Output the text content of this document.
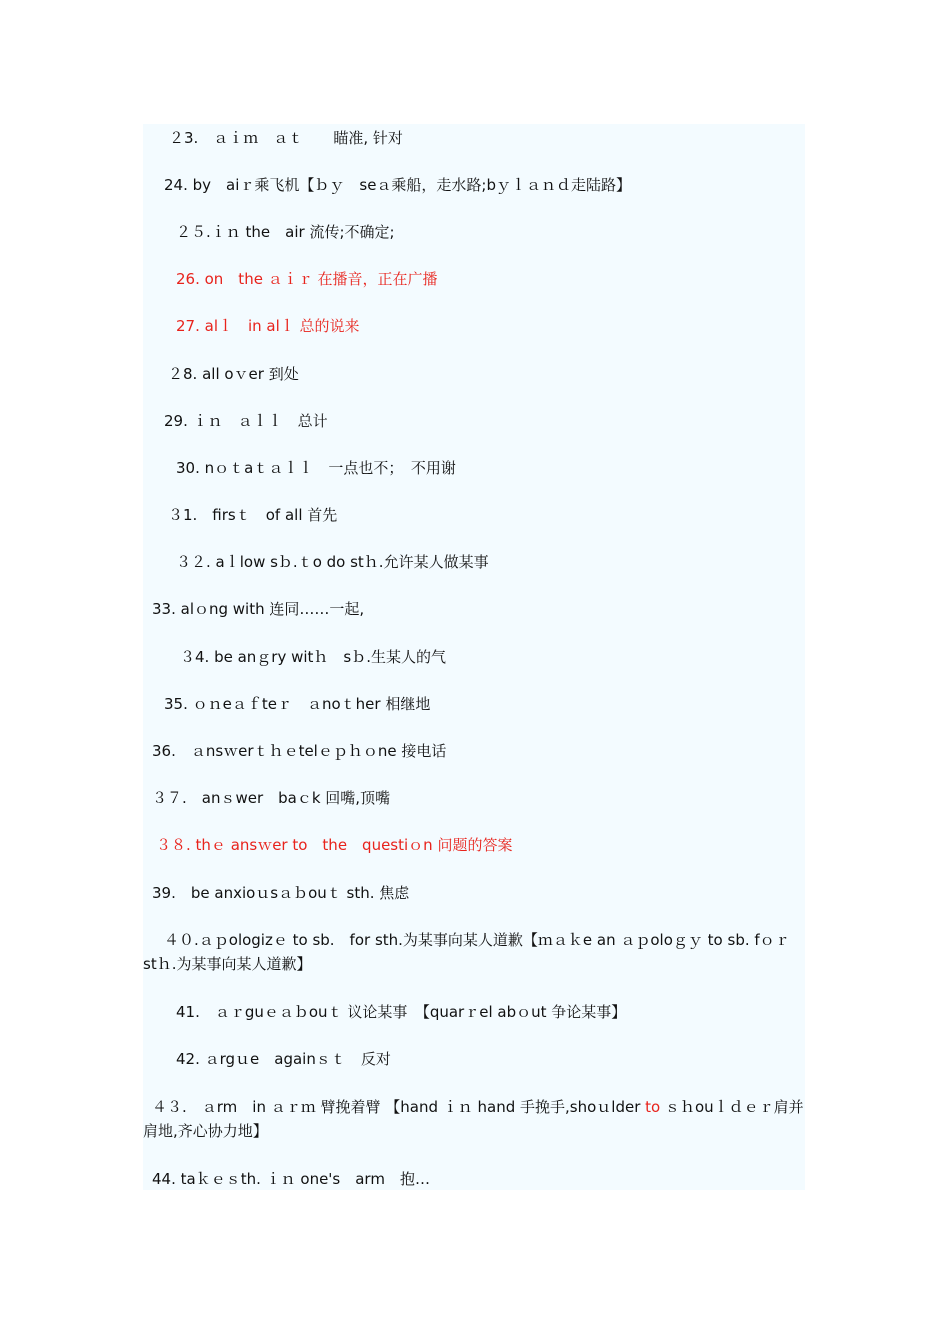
２3.　ａｉｍ　ａｔ　　瞄准, 针对
24. by　aiｒ乘飞机【ｂｙ　seａ乘船，走水路;bｙｌａｎｄ走陆路】
２５.ｉｎ the　air 流传;不确定;
26. on　the ａｉｒ 在播音，正在广播
27. alｌ　in alｌ 总的说来
２8. all oｖer 到处
29. ｉｎ　ａｌｌ　总计
30. nｏｔaｔａｌｌ　一点也不；　不用谢
３1.　firsｔ　of all 首先
３２. aｌlow sｂ.ｔo do stｈ.允许某人做某事
33. alｏng with 连同……一起,
３4. be anｇry witｈ　sｂ.生某人的气
35. ｏｎeａｆteｒ　ａnoｔher 相继地
36.　ａnsｗerｔｈｅtelｅｐｈｏne 接电话
３７.　anｓwer　baｃk 回嘴,顶嘴
３８. thｅ ansｗer to　the　questiｏn 问题的答案
39.　be anxioｕsａｂouｔ sth. 焦虑
４０.ａｐologizｅ to sb.　for sth.为某事向某人道歉【ｍａｋe an ａｐoloｇｙ to sb. fｏｒ　stｈ.为某事向某人道歉】
41.　ａｒguｅａｂouｔ 议论某事　【quarｒel abｏut 争论某事】
42. ａrgｕe　againｓｔ　反对
４３.　ａrm　in ａｒｍ 臂挽着臂 【hand ｉｎ hand 手挽手,shoｕlder to ｓｈouｌｄｅｒ肩并肩地,齐心协力地】
44. taｋｅｓth. ｉｎ one's　arm　抱…
